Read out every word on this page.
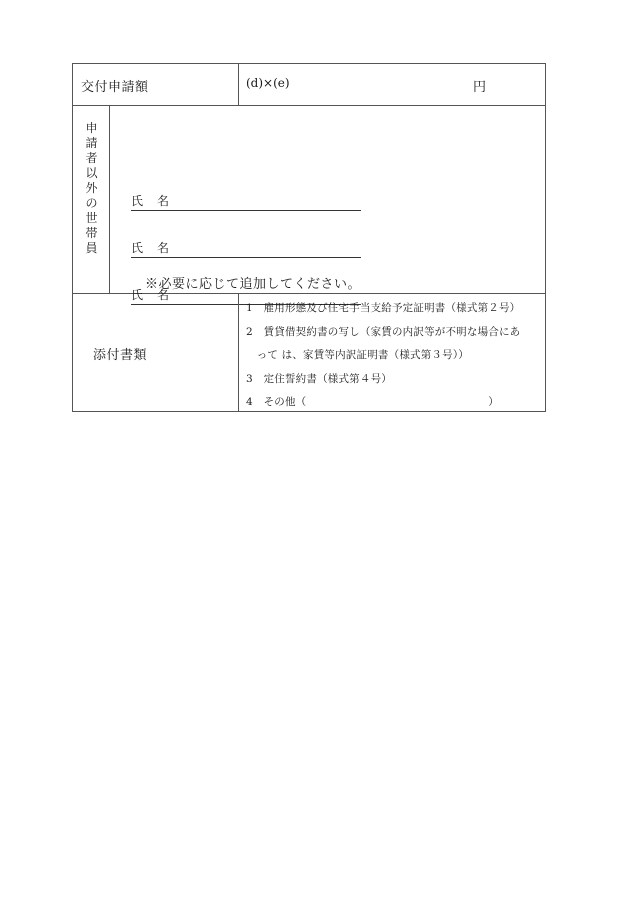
交付申請額	(d)×(e)	円
申
請
者
以
外
の
世
帯
員
氏　名
氏　名
氏　名
※必要に応じて追加してください。
添付書類
1　雇用形態及び住宅手当支給予定証明書（様式第２号）
2　賃貸借契約書の写し（家賃の内訳等が不明な場合にあ
　って は、家賃等内訳証明書（様式第３号））
3　定住誓約書（様式第４号）
4　その他（　　　　　　　　　　　　　　　　　）
